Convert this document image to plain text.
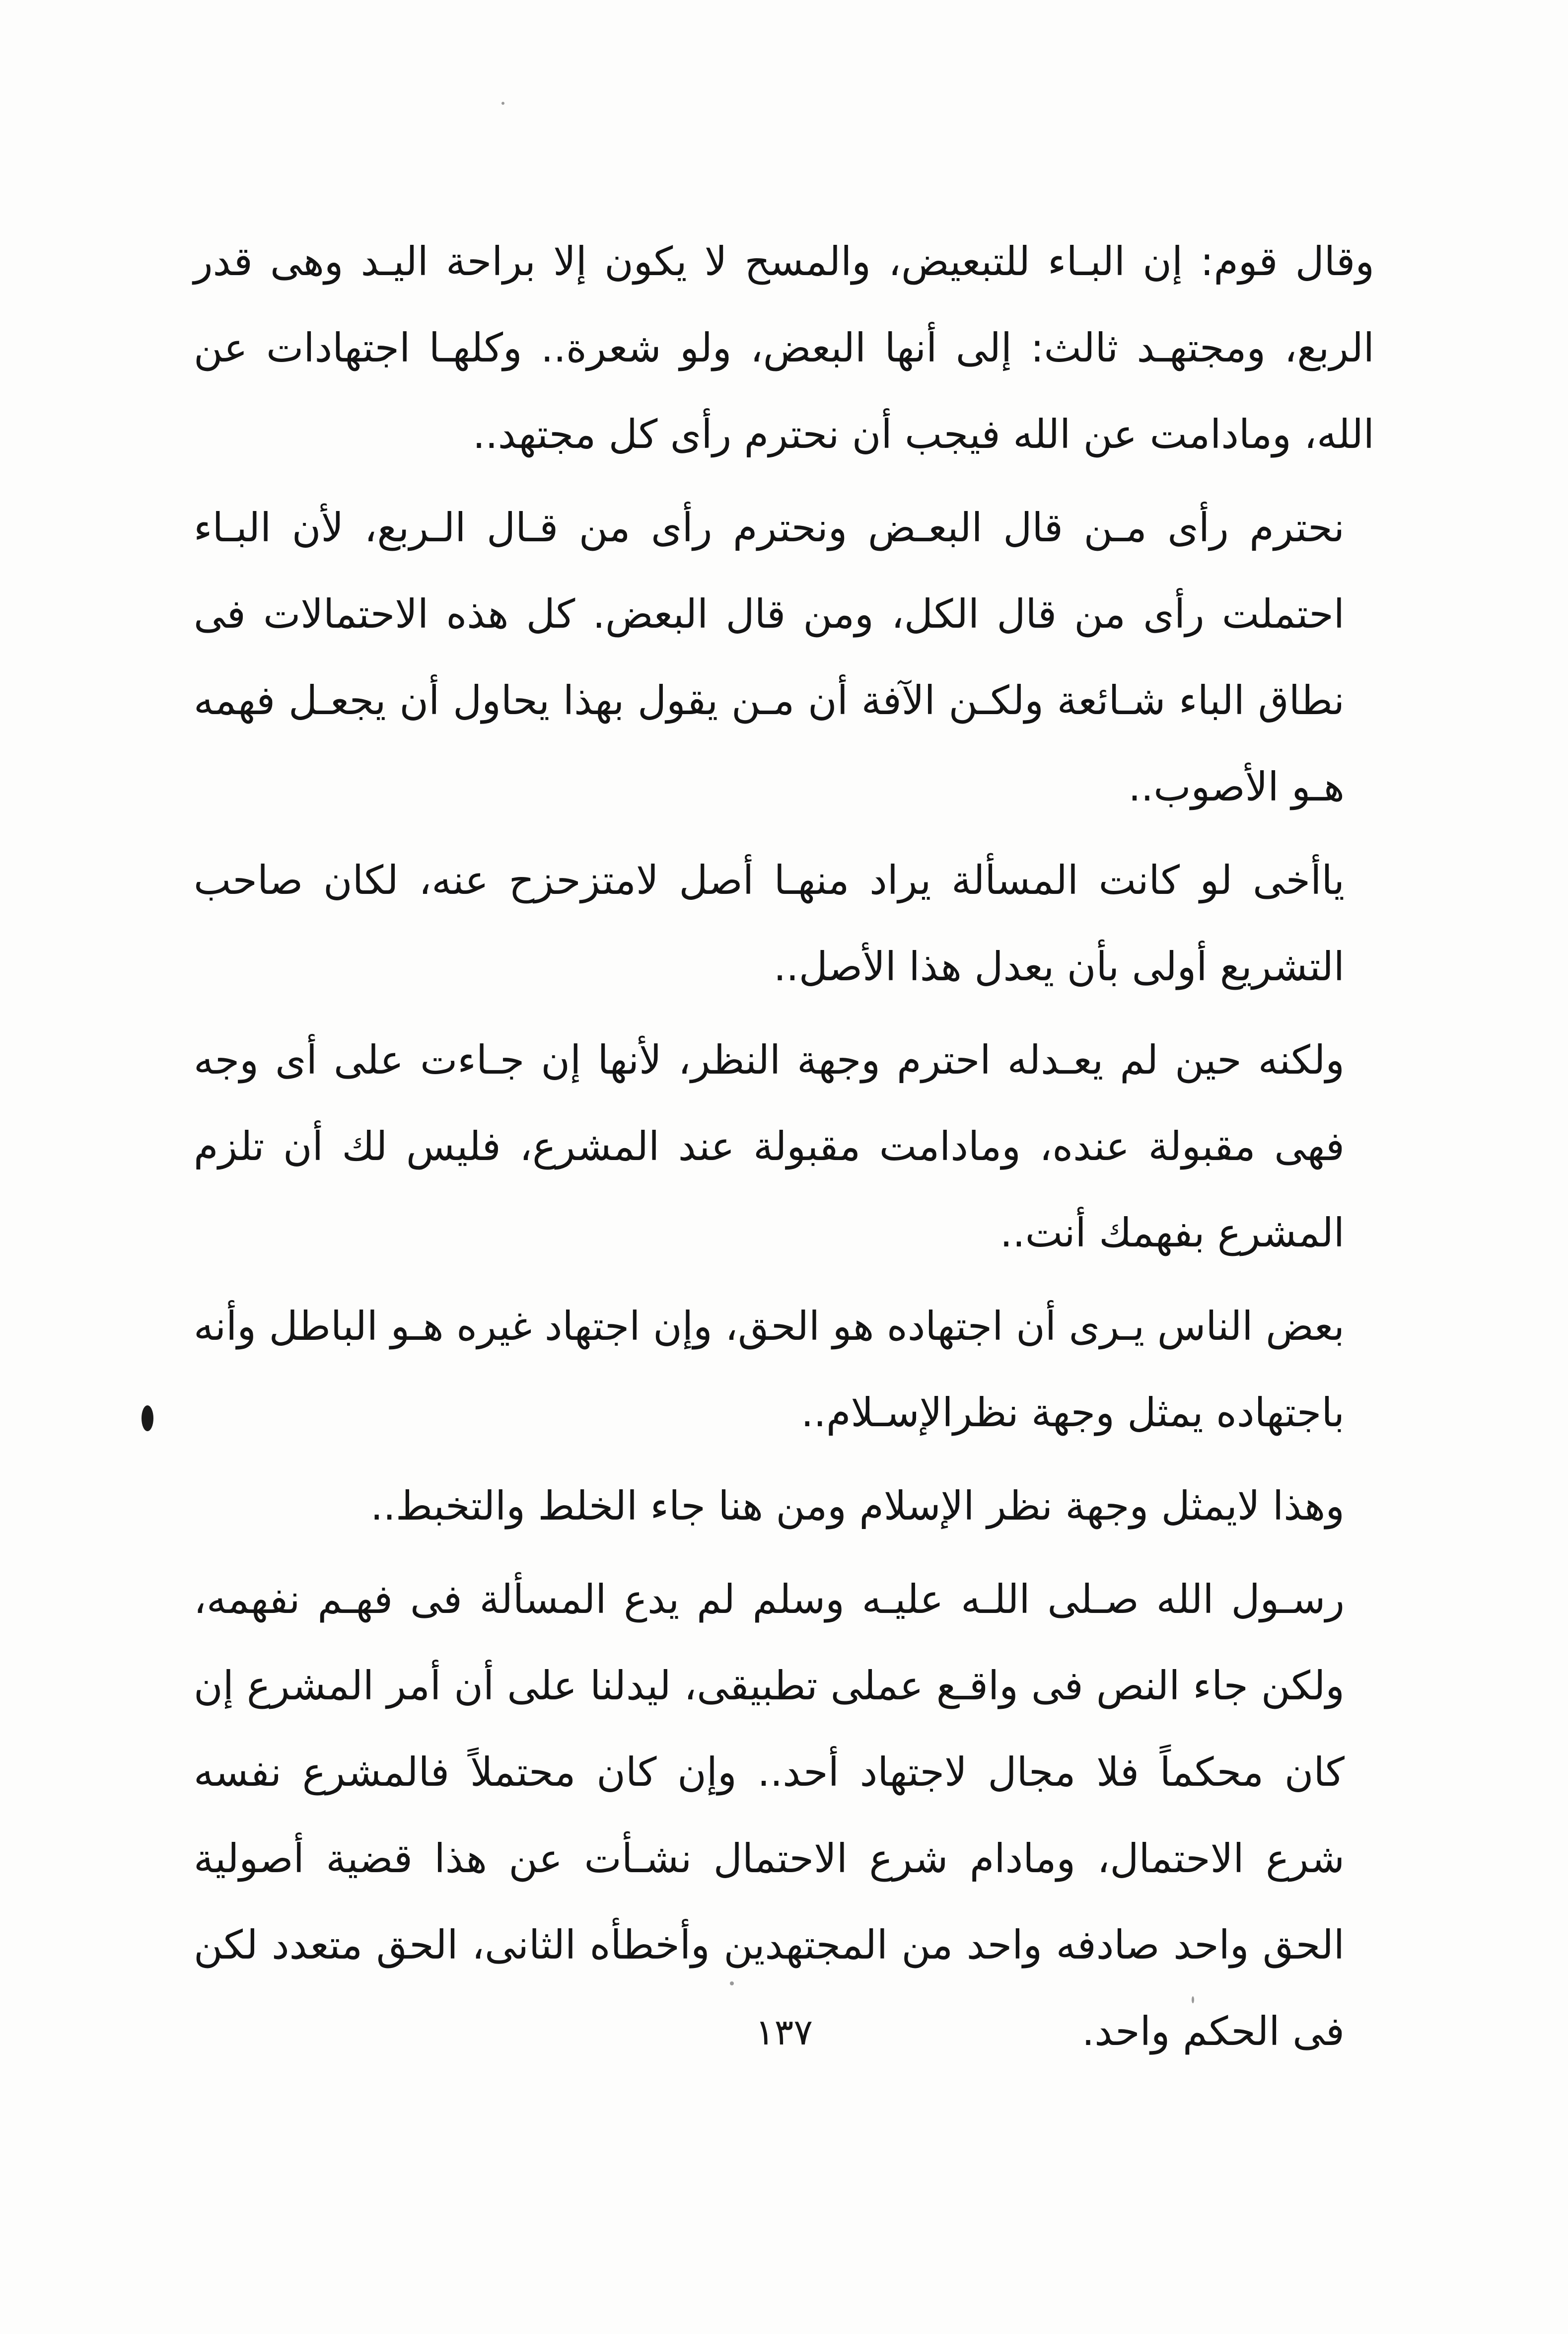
وقال قوم: إن البـاء للتبعيض، والمسح لا يكون إلا براحة اليـد وهى قدر الربع، ومجتهـد ثالث: إلى أنها البعض، ولو شعرة.. وكلهـا اجتهادات عن الله، ومادامت عن الله فيجب أن نحترم رأى كل مجتهد..

نحترم رأى مـن قال البعـض ونحترم رأى من قـال الـربع، لأن البـاء احتملت رأى من قال الكل، ومن قال البعض. كل هذه الاحتمالات فى نطاق الباء شـائعة ولكـن الآفة أن مـن يقول بهذا يحاول أن يجعـل فهمه هـو الأصوب..

ياأخى لو كانت المسألة يراد منهـا أصل لامتزحزح عنه، لكان صاحب التشريع أولى بأن يعدل هذا الأصل..

ولكنه حين لم يعـدله احترم وجهة النظر، لأنها إن جـاءت على أى وجه فهى مقبولة عنده، ومادامت مقبولة عند المشرع، فليس لك أن تلزم المشرع بفهمك أنت..

بعض الناس يـرى أن اجتهاده هو الحق، وإن اجتهاد غيره هـو الباطل وأنه باجتهاده يمثل وجهة نظرالإسـلام..

وهذا لايمثل وجهة نظر الإسلام ومن هنا جاء الخلط والتخبط..

رسـول الله صـلى اللـه عليـه وسلم لم يدع المسألة فى فهـم نفهمه، ولكن جاء النص فى واقـع عملى تطبيقى، ليدلنا على أن أمر المشرع إن كان محكماً فلا مجال لاجتهاد أحد.. وإن كان محتملاً فالمشرع نفسه شرع الاحتمال، ومادام شرع الاحتمال نشـأت عن هذا قضية أصولية الحق واحد صادفه واحد من المجتهدين وأخطأه الثانى، الحق متعدد لكن فى الحكم واحد.

١٣٧
